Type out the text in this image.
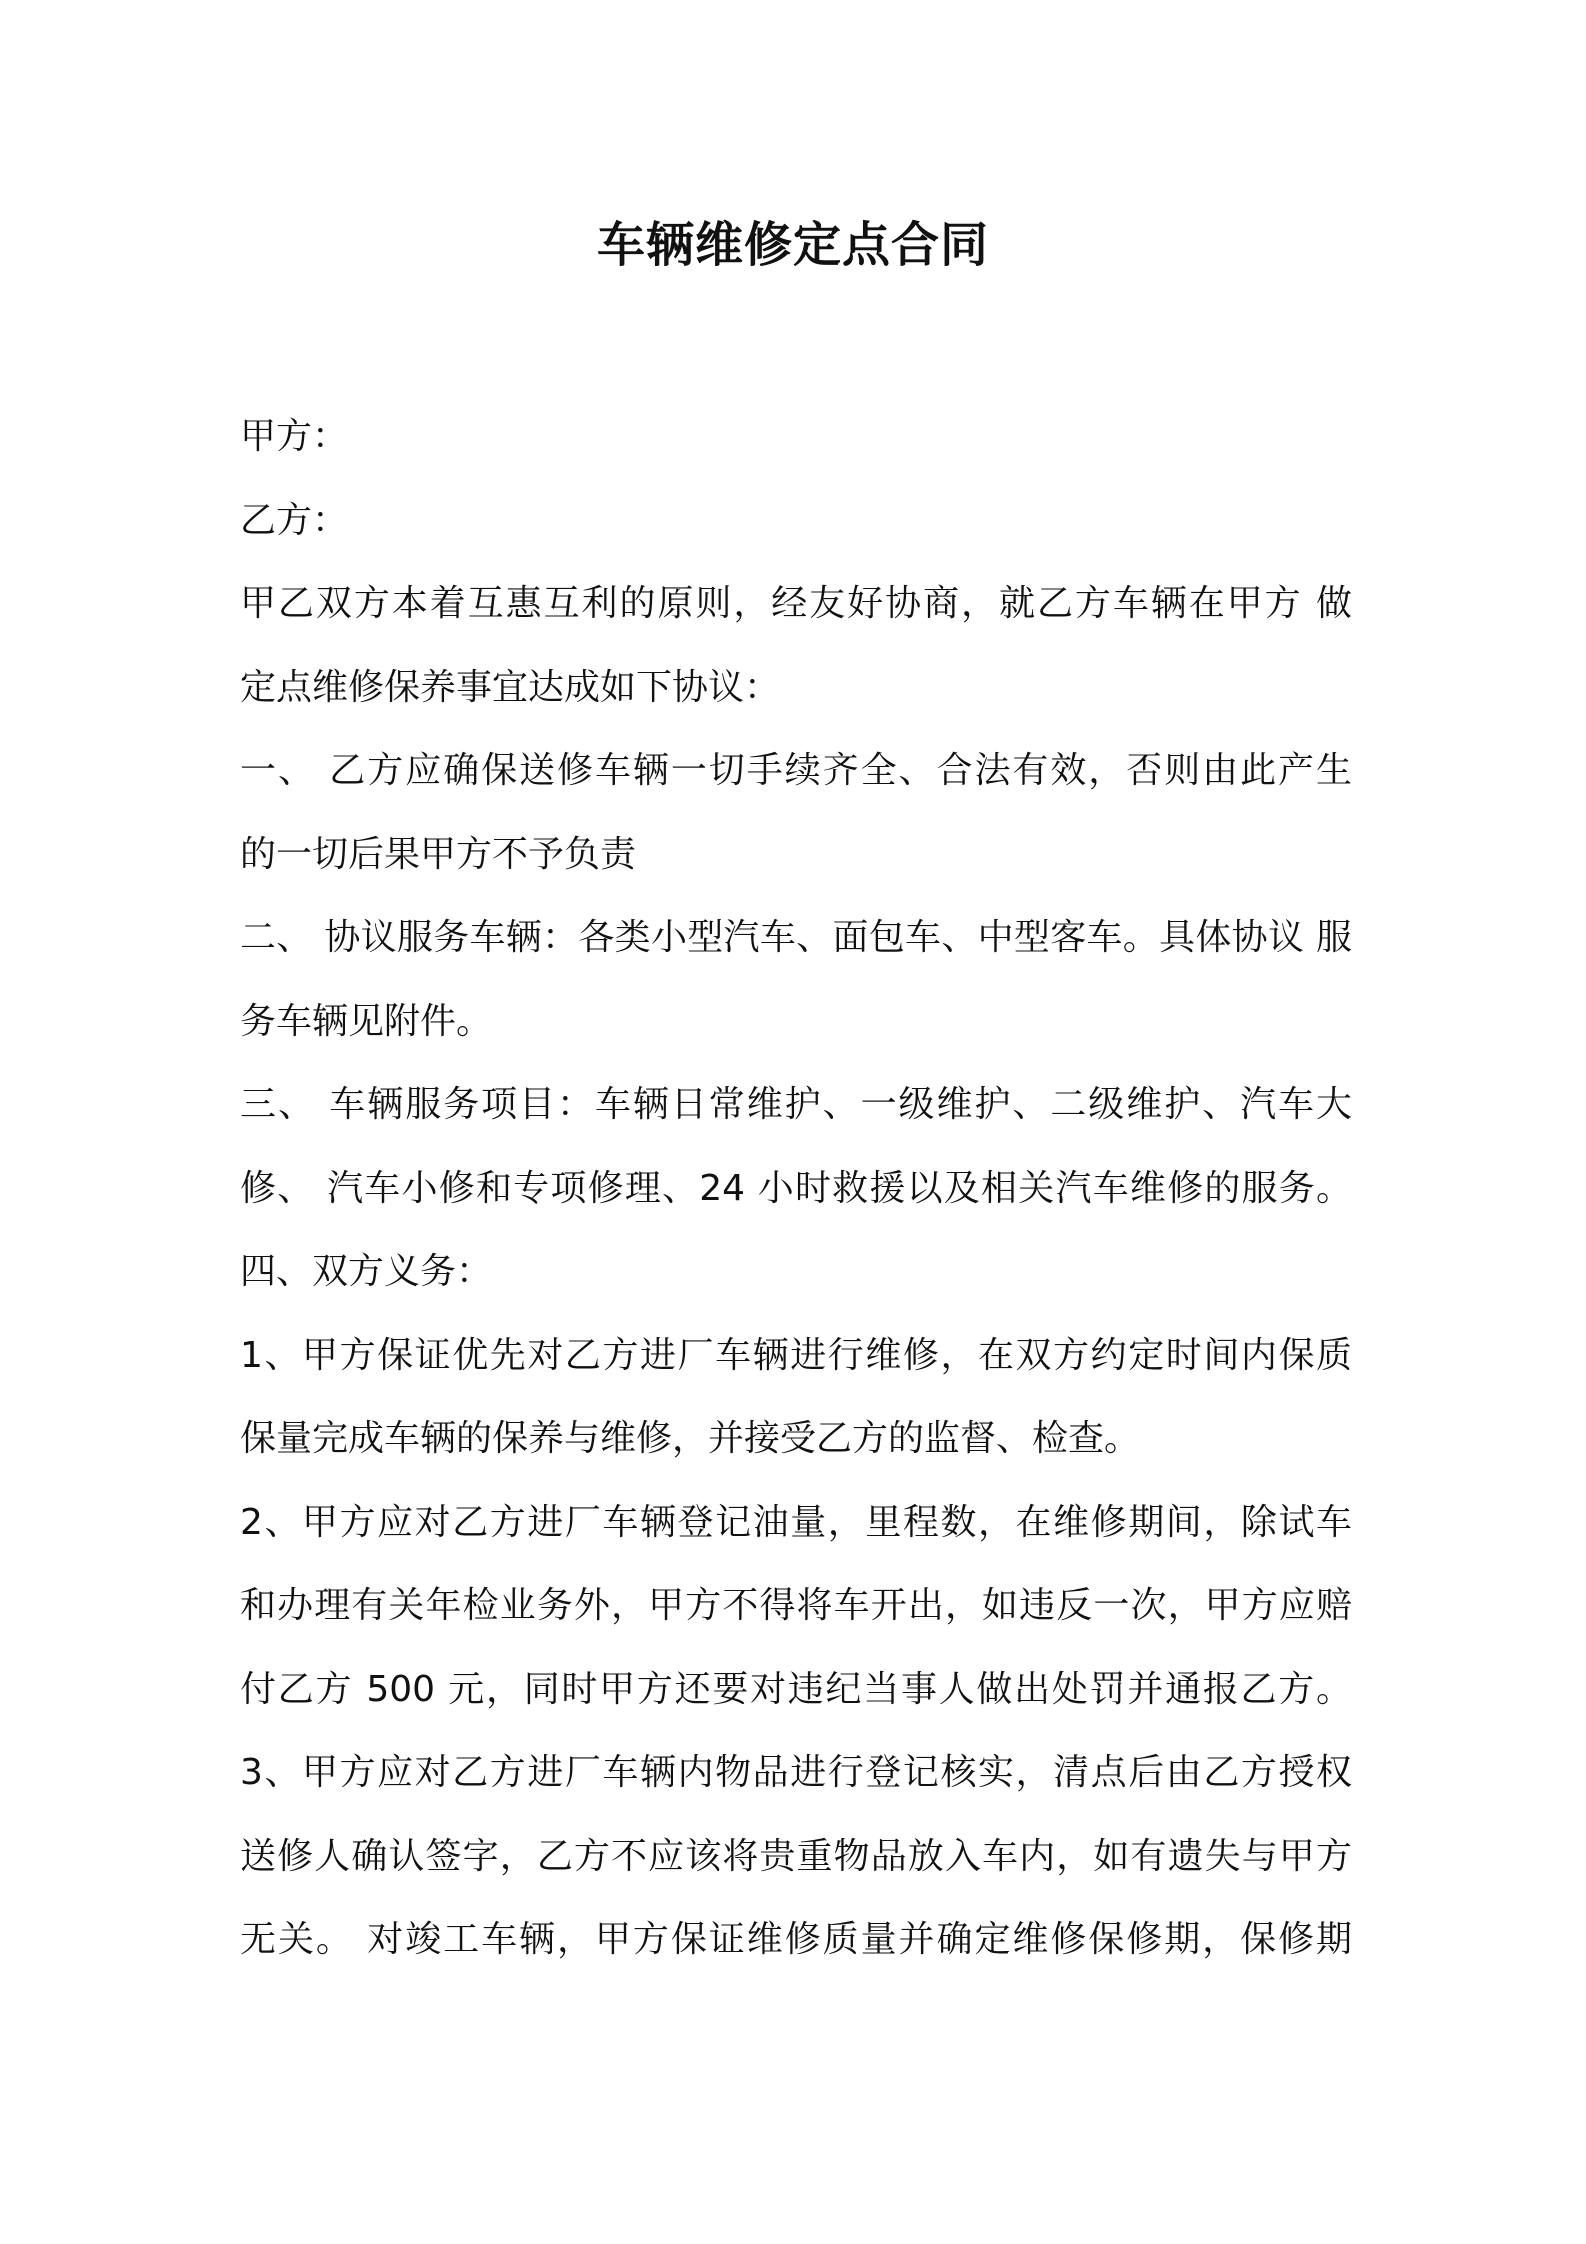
车辆维修定点合同
甲方：
乙方：
甲乙双方本着互惠互利的原则，经友好协商，就乙方车辆在甲方 做
定点维修保养事宜达成如下协议：
一、 乙方应确保送修车辆一切手续齐全、合法有效，否则由此产生
的一切后果甲方不予负责
二、 协议服务车辆：各类小型汽车、面包车、中型客车。具体协议 服
务车辆见附件。
三、 车辆服务项目：车辆日常维护、一级维护、二级维护、汽车大
修、 汽车小修和专项修理、24 小时救援以及相关汽车维修的服务。
四、双方义务：
1、甲方保证优先对乙方进厂车辆进行维修，在双方约定时间内保质
保量完成车辆的保养与维修，并接受乙方的监督、检查。
2、甲方应对乙方进厂车辆登记油量，里程数，在维修期间，除试车
和办理有关年检业务外，甲方不得将车开出，如违反一次，甲方应赔
付乙方 500 元，同时甲方还要对违纪当事人做出处罚并通报乙方。
3、甲方应对乙方进厂车辆内物品进行登记核实，清点后由乙方授权
送修人确认签字，乙方不应该将贵重物品放入车内，如有遗失与甲方
无关。 对竣工车辆，甲方保证维修质量并确定维修保修期，保修期
